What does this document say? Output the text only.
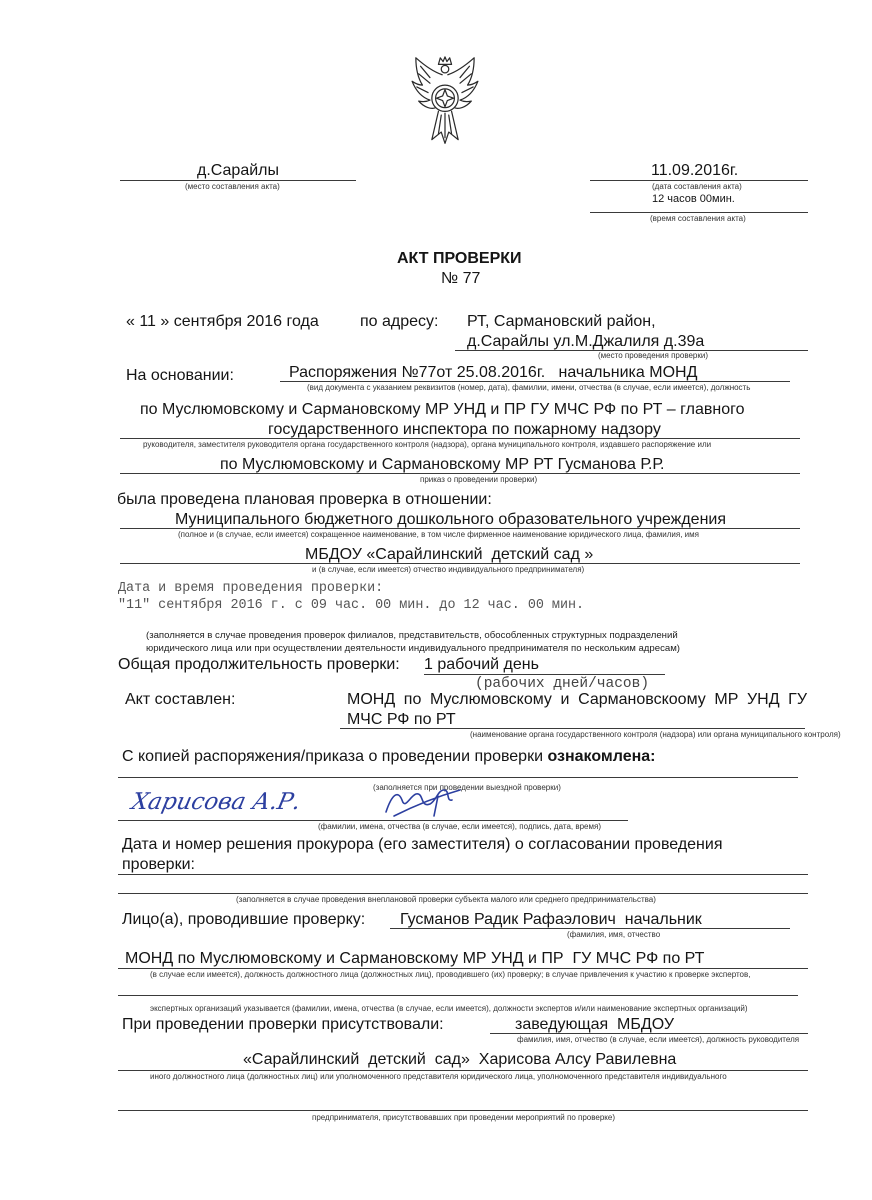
д.Сарайлы
(место составления акта)
11.09.2016г.
(дата составления акта)
12 часов 00мин.
(время составления акта)
АКТ ПРОВЕРКИ
№ 77
« 11 » сентября 2016 года	по адресу: РТ, Сармановский район,
д.Сарайлы ул.М.Джалиля д.39а
(место проведения проверки)
На основании:	Распоряжения №77от 25.08.2016г.   начальника МОНД
(вид документа с указанием реквизитов (номер, дата), фамилии, имени, отчества (в случае, если имеется), должность
по Муслюмовскому и Сармановскому МР УНД и ПР ГУ МЧС РФ по РТ – главного
государственного инспектора по пожарному надзору
руководителя, заместителя руководителя органа государственного контроля (надзора), органа муниципального контроля, издавшего распоряжение или
по Муслюмовскому и Сармановскому МР РТ Гусманова Р.Р.
приказ о проведении проверки)
была проведена плановая проверка в отношении:
Муниципального бюджетного дошкольного образовательного учреждения
(полное и (в случае, если имеется) сокращенное наименование, в том числе фирменное наименование юридического лица, фамилия, имя
МБДОУ «Сарайлинский  детский сад »
и (в случае, если имеется) отчество индивидуального предпринимателя)
Дата и время проведения проверки:
"11" сентября 2016 г. с 09 час. 00 мин. до 12 час. 00 мин.
(заполняется в случае проведения проверок филиалов, представительств, обособленных структурных подразделений
юридического лица или при осуществлении деятельности индивидуального предпринимателя по нескольким адресам)
Общая продолжительность проверки: 1 рабочий день
(рабочих дней/часов)
Акт составлен:	МОНД по Муслюмовскому и Сармановскоому МР УНД ГУ
МЧС РФ по РТ
(наименование органа государственного контроля (надзора) или органа муниципального контроля)
С копией распоряжения/приказа о проведении проверки ознакомлена:
(заполняется при проведении выездной проверки)
Харисова А.Р.
(фамилии, имена, отчества (в случае, если имеется), подпись, дата, время)
Дата и номер решения прокурора (его заместителя) о согласовании проведения
проверки:
(заполняется в случае проведения внеплановой проверки субъекта малого или среднего предпринимательства)
Лицо(а), проводившие проверку: Гусманов Радик Рафаэлович  начальник
(фамилия, имя, отчество
МОНД по Муслюмовскому и Сармановскому МР УНД и ПР  ГУ МЧС РФ по РТ
(в случае если имеется), должность должностного лица (должностных лиц), проводившего (их) проверку; в случае привлечения к участию к проверке экспертов,
экспертных организаций указывается (фамилии, имена, отчества (в случае, если имеется), должности экспертов и/или наименование экспертных организаций)
При проведении проверки присутствовали:	заведующая  МБДОУ
фамилия, имя, отчество (в случае, если имеется), должность руководителя
«Сарайлинский  детский  сад»  Харисова Алсу Равилевна
иного должностного лица (должностных лиц) или уполномоченного представителя юридического лица, уполномоченного представителя индивидуального
предпринимателя, присутствовавших при проведении мероприятий по проверке)
